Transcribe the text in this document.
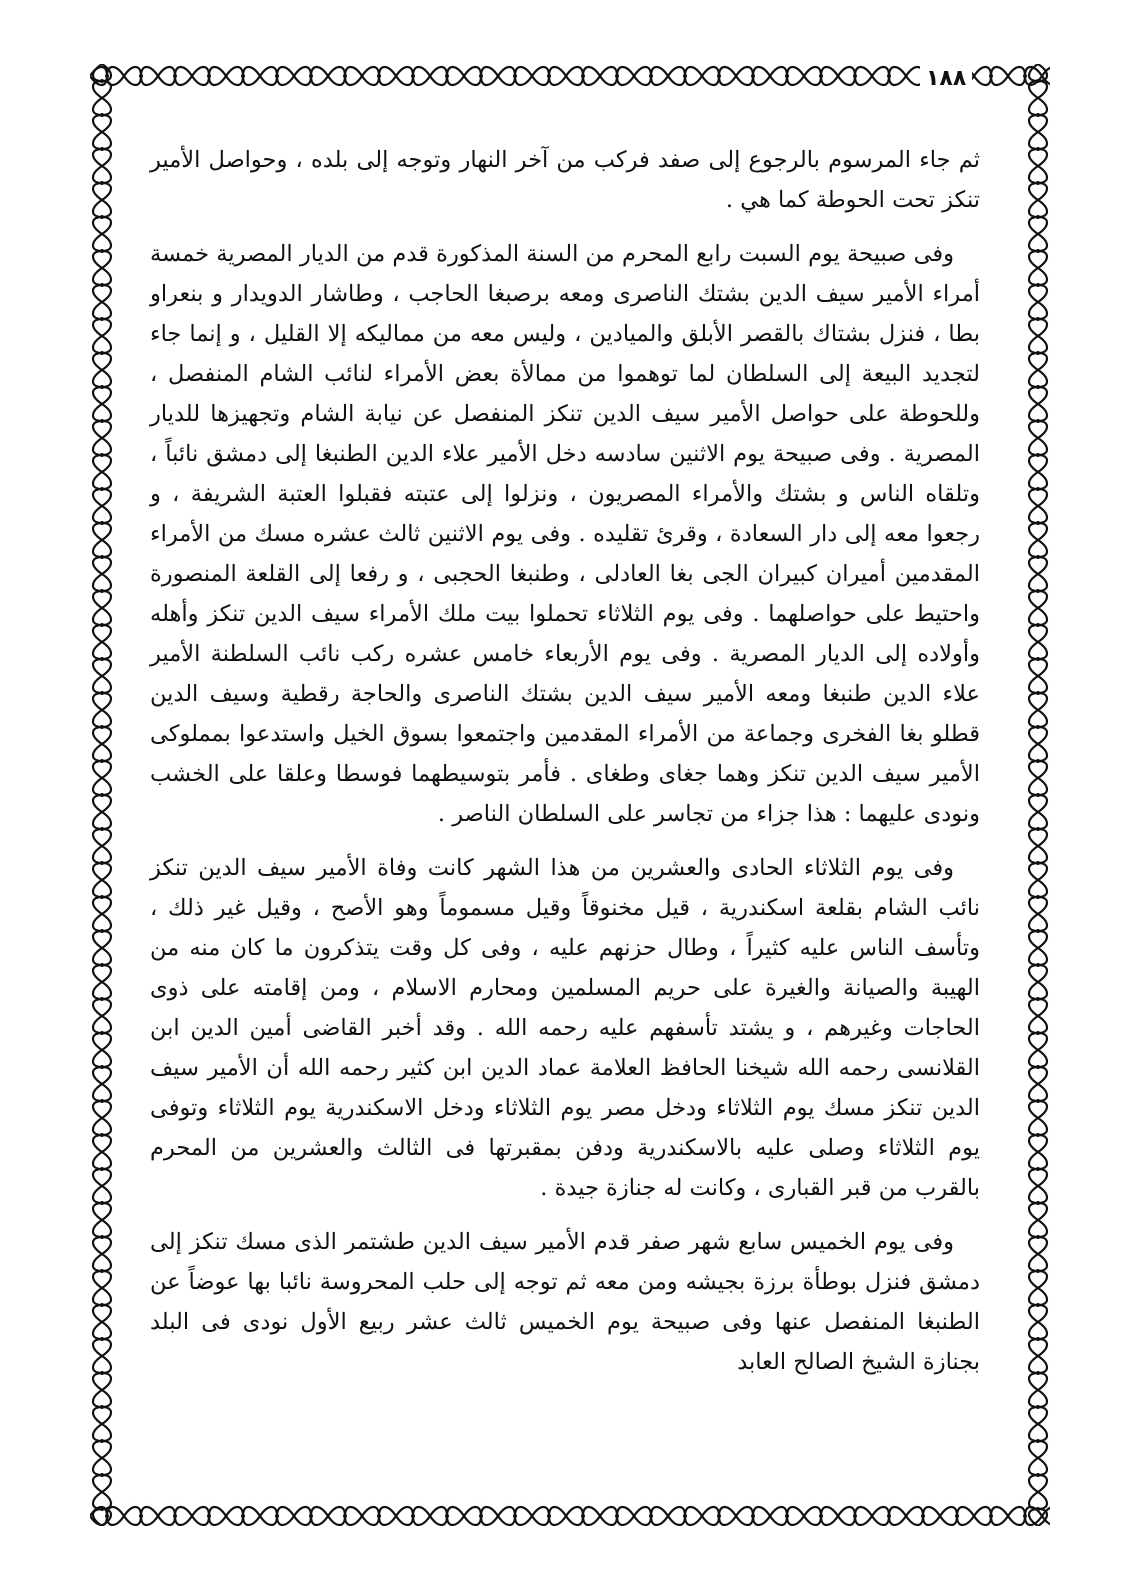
١٨٨

ثم جاء المرسوم بالرجوع إلى صفد فركب من آخر النهار وتوجه إلى بلده ، وحواصل الأمير تنكز تحت الحوطة كما هي .

وفى صبيحة يوم السبت رابع المحرم من السنة المذكورة قدم من الديار المصرية خمسة أمراء الأمير سيف الدين بشتك الناصرى ومعه برصبغا الحاجب ، وطاشار الدويدار و بنعراو بطا ، فنزل بشتاك بالقصر الأبلق والميادين ، وليس معه من مماليكه إلا القليل ، و إنما جاء لتجديد البيعة إلى السلطان لما توهموا من ممالأة بعض الأمراء لنائب الشام المنفصل ، وللحوطة على حواصل الأمير سيف الدين تنكز المنفصل عن نيابة الشام وتجهيزها للديار المصرية . وفى صبيحة يوم الاثنين سادسه دخل الأمير علاء الدين الطنبغا إلى دمشق نائباً ، وتلقاه الناس و بشتك والأمراء المصريون ، ونزلوا إلى عتبته فقبلوا العتبة الشريفة ، و رجعوا معه إلى دار السعادة ، وقرئ تقليده . وفى يوم الاثنين ثالث عشره مسك من الأمراء المقدمين أميران كبيران الجى بغا العادلى ، وطنبغا الحجبى ، و رفعا إلى القلعة المنصورة واحتيط على حواصلهما . وفى يوم الثلاثاء تحملوا بيت ملك الأمراء سيف الدين تنكز وأهله وأولاده إلى الديار المصرية . وفى يوم الأربعاء خامس عشره ركب نائب السلطنة الأمير علاء الدين طنبغا ومعه الأمير سيف الدين بشتك الناصرى والحاجة رقطية وسيف الدين قطلو بغا الفخرى وجماعة من الأمراء المقدمين واجتمعوا بسوق الخيل واستدعوا بمملوكى الأمير سيف الدين تنكز وهما جغاى وطغاى . فأمر بتوسيطهما فوسطا وعلقا على الخشب ونودى عليهما : هذا جزاء من تجاسر على السلطان الناصر .

وفى يوم الثلاثاء الحادى والعشرين من هذا الشهر كانت وفاة الأمير سيف الدين تنكز نائب الشام بقلعة اسكندرية ، قيل مخنوقاً وقيل مسموماً وهو الأصح ، وقيل غير ذلك ، وتأسف الناس عليه كثيراً ، وطال حزنهم عليه ، وفى كل وقت يتذكرون ما كان منه من الهيبة والصيانة والغيرة على حريم المسلمين ومحارم الاسلام ، ومن إقامته على ذوى الحاجات وغيرهم ، و يشتد تأسفهم عليه رحمه الله . وقد أخبر القاضى أمين الدين ابن القلانسى رحمه الله شيخنا الحافظ العلامة عماد الدين ابن كثير رحمه الله أن الأمير سيف الدين تنكز مسك يوم الثلاثاء ودخل مصر يوم الثلاثاء ودخل الاسكندرية يوم الثلاثاء وتوفى يوم الثلاثاء وصلى عليه بالاسكندرية ودفن بمقبرتها فى الثالث والعشرين من المحرم بالقرب من قبر القبارى ، وكانت له جنازة جيدة .

وفى يوم الخميس سابع شهر صفر قدم الأمير سيف الدين طشتمر الذى مسك تنكز إلى دمشق فنزل بوطأة برزة بجيشه ومن معه ثم توجه إلى حلب المحروسة نائبا بها عوضاً عن الطنبغا المنفصل عنها وفى صبيحة يوم الخميس ثالث عشر ربيع الأول نودى فى البلد بجنازة الشيخ الصالح العابد
